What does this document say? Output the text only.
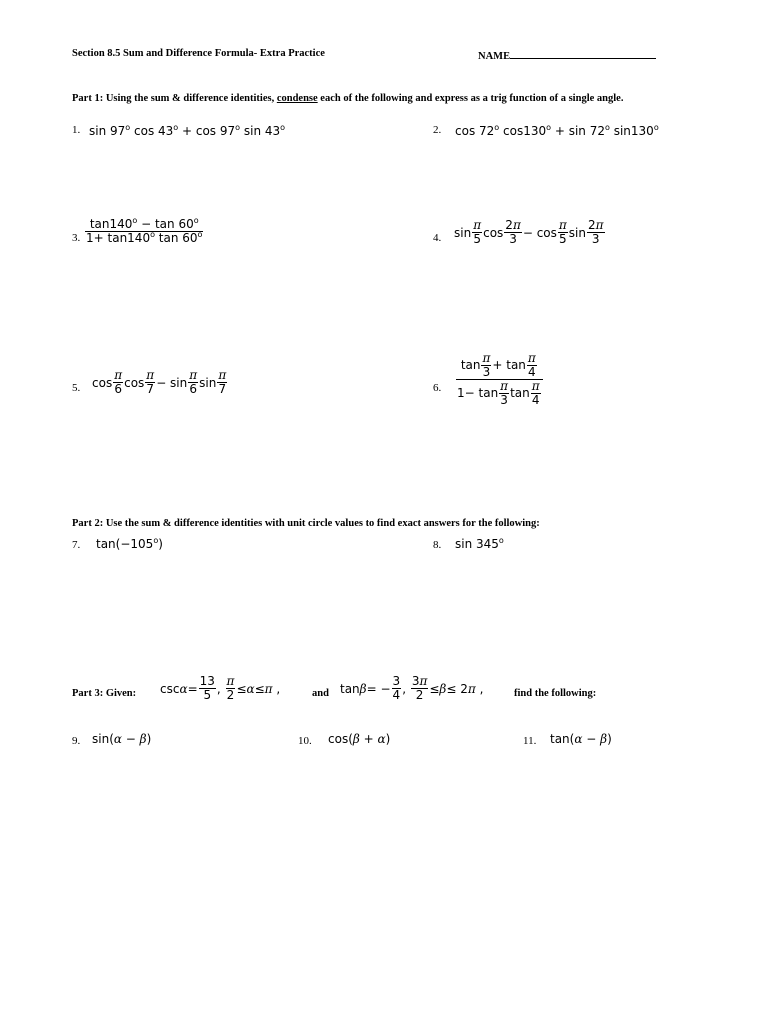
Section 8.5 Sum and Difference Formula- Extra Practice	NAME
Part 1: Using the sum & difference identities, condense each of the following and express as a trig function of a single angle.
1. sin 97$^o$ $\cos 43^o + \cos 97^o$ sin 43$^o$	2. cos 72$^o$ $\cos 130^o + \sin 72^o$ sin130$^o$
3. $\frac{\tan 140^o - \tan 60^o}{1+ \tan 140^o \tan 60^o}$	4. $\sin \frac{\pi}{5}$ $\cos \frac{2\pi}{3} - \cos \frac{\pi}{5}$ $\sin \frac{2\pi}{3}$
5. $\cos \frac{\pi}{6}$ $\cos \frac{\pi}{7} - \sin \frac{\pi}{6}$ $\sin \frac{\pi}{7}$	6. $\frac{\tan \frac{\pi}{3} + \tan \frac{\pi}{4}}{1- \tan \frac{\pi}{3} \tan \frac{\pi}{4}}$
Part 2: Use the sum & difference identities with unit circle values to find exact answers for the following:
7. $\tan(-105^o)$	8. sin 345$^o$
Part 3: Given: $\csc \alpha = \frac{13}{5}$ , $\frac{\pi}{2} \le \alpha \le \pi$ ,	and tan β = − $\frac{3}{4}$ , $\frac{3\pi}{2} \le \beta \le 2$ π ,	find the following:
9. sin(α − β)	10. cos(β + α)	11. tan(α − β)
